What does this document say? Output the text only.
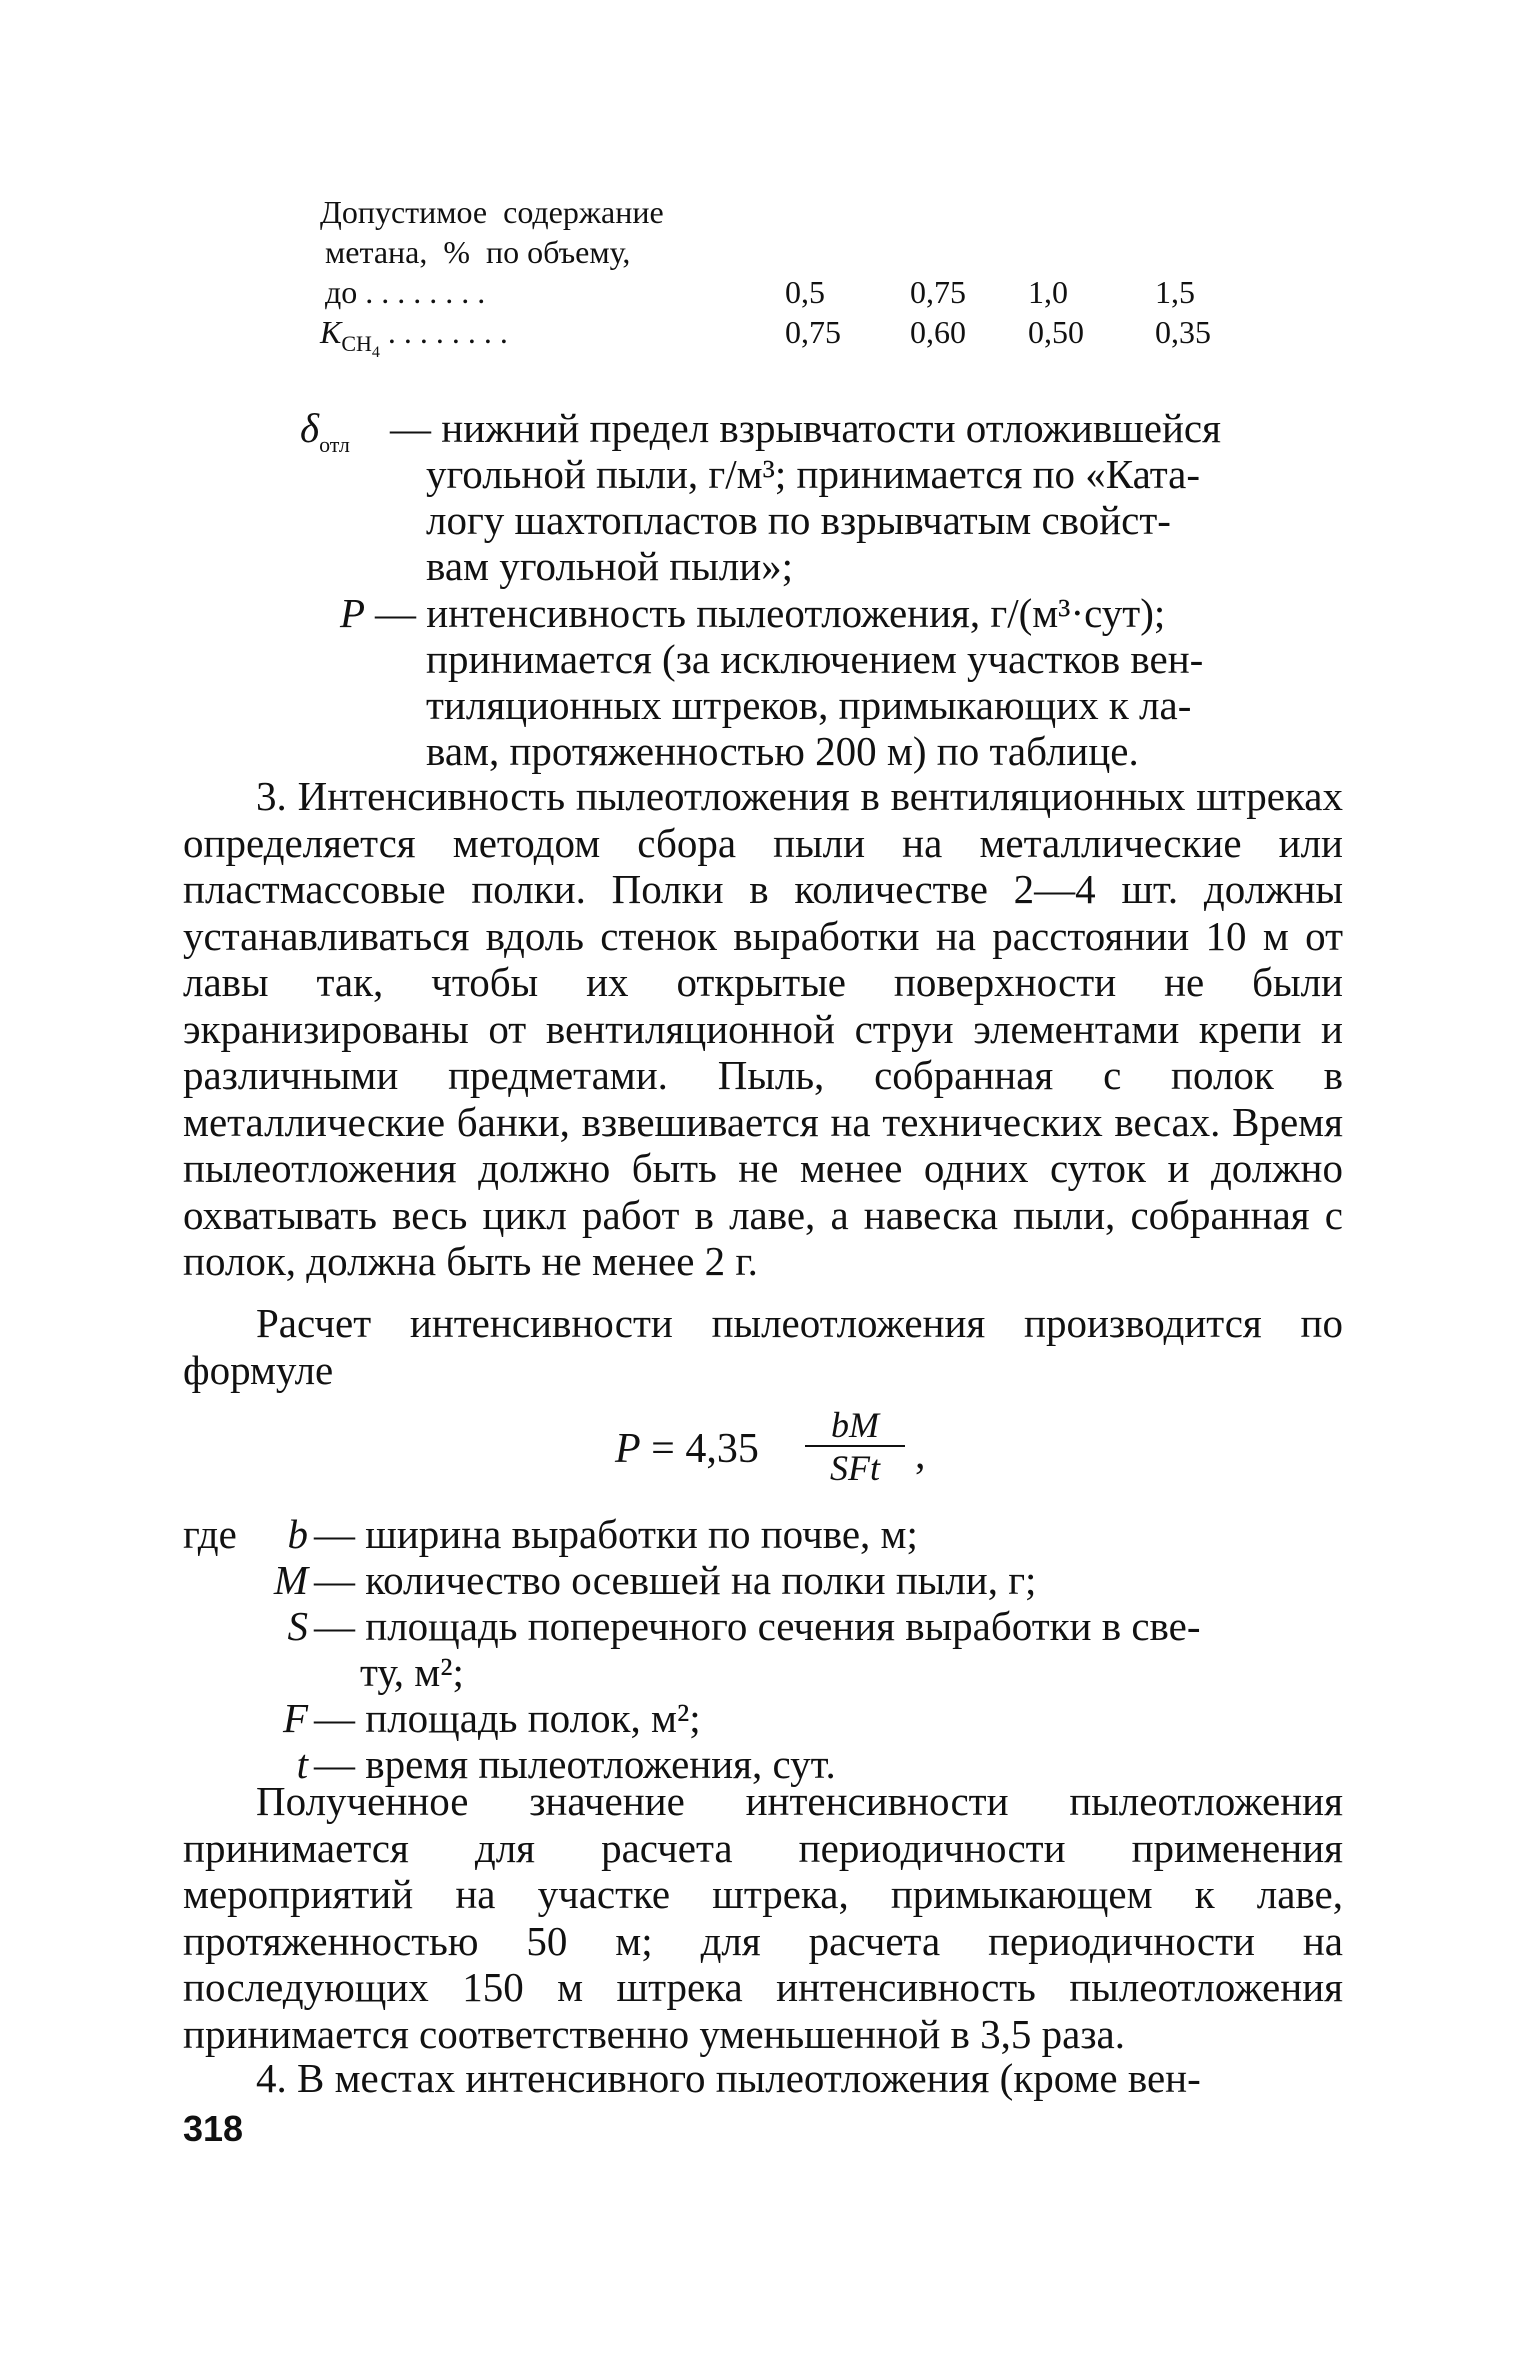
Допустимое  содержание
метана,  %  по объему,
до . . . . . . . .	0,5	0,75 1,0	1,5
$K_{CH4}$ . . . . . . . .	0,75 0,60 0,50 0,35
$\delta_{отл}$ — нижний предел взрывчатости отложившейся
угольной пыли, г/м³; принимается по «Ката-
логу шахтопластов по взрывчатым свойст-
вам угольной пыли»;
P — интенсивность пылеотложения, г/(м³·сут);
принимается (за исключением участков вен-
тиляционных штреков, примыкающих к ла-
вам, протяженностью 200 м) по таблице.
3. Интенсивность пылеотложения в вентиляционных штреках определяется методом сбора пыли на металлические или пластмассовые полки. Полки в количестве 2—4 шт. должны устанавливаться вдоль стенок выработки на расстоянии 10 м от лавы так, чтобы их открытые поверхности не были экранизированы от вентиляционной струи элементами крепи и различными предметами. Пыль, собранная с полок в металлические банки, взвешивается на технических весах. Время пылеотложения должно быть не менее одних суток и должно охватывать весь цикл работ в лаве, а навеска пыли, собранная с полок, должна быть не менее 2 г.
Расчет интенсивности пылеотложения производится по формуле
P = 4,35
bM
SFt ,
где	b — ширина выработки по почве, м;
M — количество осевшей на полки пыли, г;
S — площадь поперечного сечения выработки в све-
ту, м²;
F — площадь полок, м²;
t — время пылеотложения, сут.
Полученное значение интенсивности пылеотложения принимается для расчета периодичности применения мероприятий на участке штрека, примыкающем к лаве, протяженностью 50 м; для расчета периодичности на последующих 150 м штрека интенсивность пылеотложения принимается соответственно уменьшенной в 3,5 раза.
4. В местах интенсивного пылеотложения (кроме вен-
318
